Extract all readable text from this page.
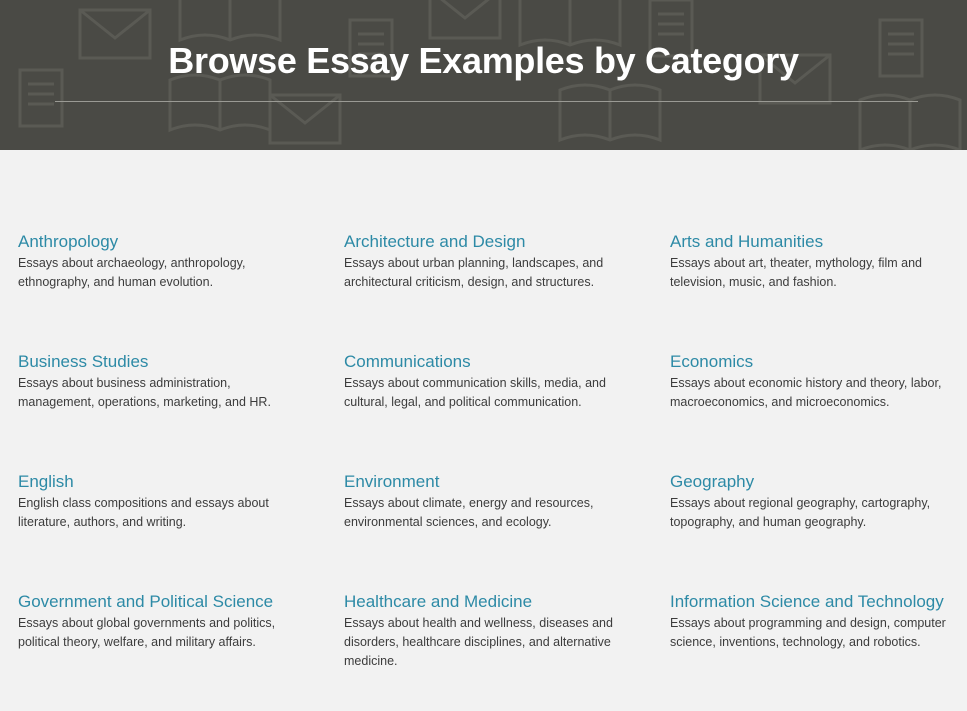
Browse Essay Examples by Category
Anthropology
Essays about archaeology, anthropology, ethnography, and human evolution.
Architecture and Design
Essays about urban planning, landscapes, and architectural criticism, design, and structures.
Arts and Humanities
Essays about art, theater, mythology, film and television, music, and fashion.
Business Studies
Essays about business administration, management, operations, marketing, and HR.
Communications
Essays about communication skills, media, and cultural, legal, and political communication.
Economics
Essays about economic history and theory, labor, macroeconomics, and microeconomics.
English
English class compositions and essays about literature, authors, and writing.
Environment
Essays about climate, energy and resources, environmental sciences, and ecology.
Geography
Essays about regional geography, cartography, topography, and human geography.
Government and Political Science
Essays about global governments and politics, political theory, welfare, and military affairs.
Healthcare and Medicine
Essays about health and wellness, diseases and disorders, healthcare disciplines, and alternative medicine.
Information Science and Technology
Essays about programming and design, computer science, inventions, technology, and robotics.
